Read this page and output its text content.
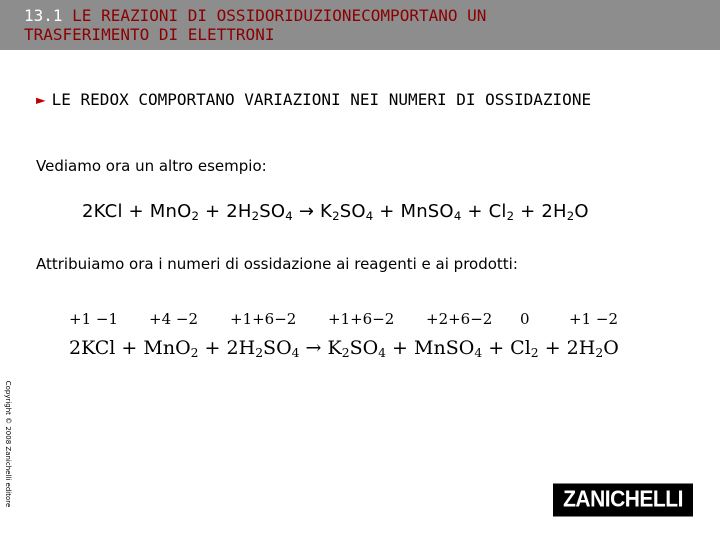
13.1 LE REAZIONI DI OSSIDORIDUZIONECOMPORTANO UN
TRASFERIMENTO DI ELETTRONI
► LE REDOX COMPORTANO VARIAZIONI NEI NUMERI DI OSSIDAZIONE
Vediamo ora un altro esempio:
$2KCl + MnO_2 + 2H_2SO_4 \to K_2SO_4$ + MnSO$_4$ + $Cl_2 + 2H_2O$
Attribuiamo ora i numeri di ossidazione ai reagenti e ai prodotti:
+1 −1 +4 −2 +1+6−2 +1+6−2 +2+6−2 0	+1 −2
$2KCl + MnO_2 + 2H_2SO_4 \to K_2SO_4$ + MnSO$_4$ + $Cl_2 + 2H_2O$
Copyright © 2008 Zanichelli editore	ZANICHELLI
